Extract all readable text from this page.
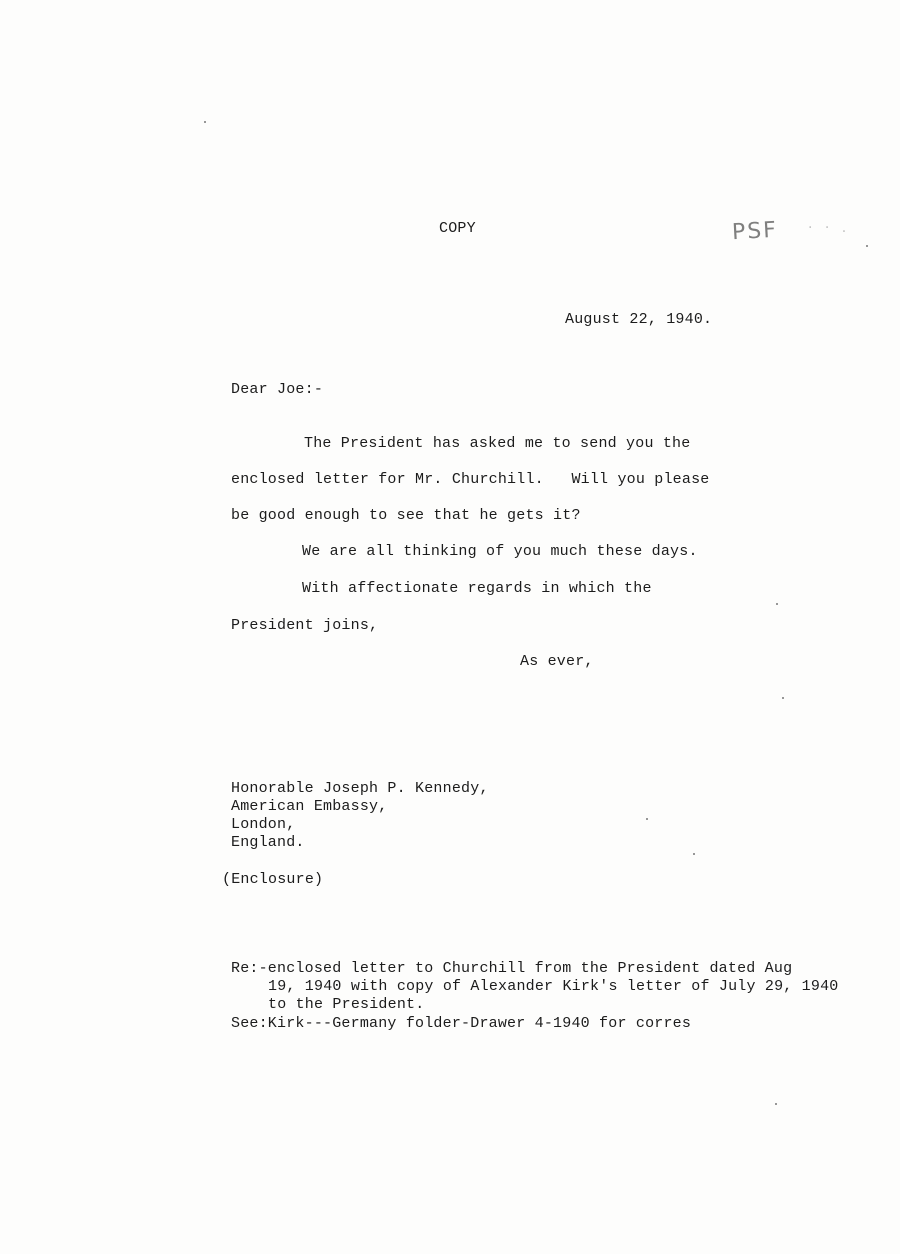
COPY	PSF · · .
August 22, 1940.
Dear Joe:-
The President has asked me to send you the
enclosed letter for Mr. Churchill.   Will you please
be good enough to see that he gets it?
We are all thinking of you much these days.
With affectionate regards in which the
President joins,
As ever,
Honorable Joseph P. Kennedy,
American Embassy,
London,
England.
(Enclosure)
Re:-enclosed letter to Churchill from the President dated Aug
19, 1940 with copy of Alexander Kirk's letter of July 29, 1940
to the President.
See:Kirk---Germany folder-Drawer 4-1940 for corres
